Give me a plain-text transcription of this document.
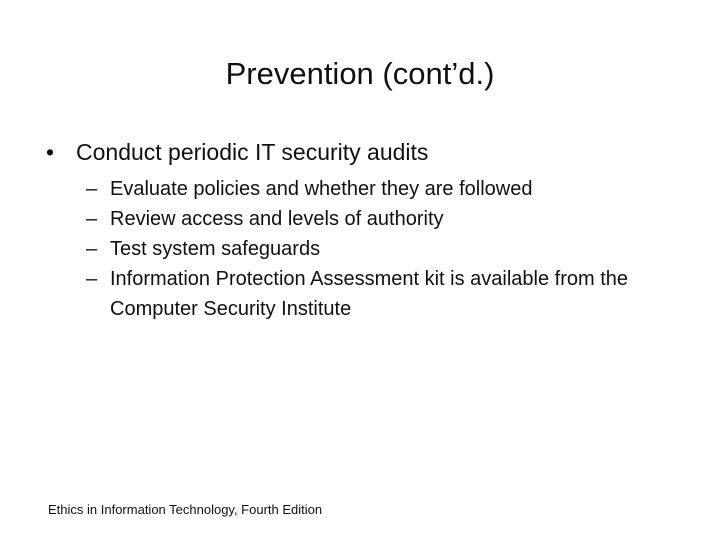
Prevention (cont’d.)
• Conduct periodic IT security audits
– Evaluate policies and whether they are followed
– Review access and levels of authority
– Test system safeguards
– Information Protection Assessment kit is available from the Computer Security Institute
Ethics in Information Technology, Fourth Edition
